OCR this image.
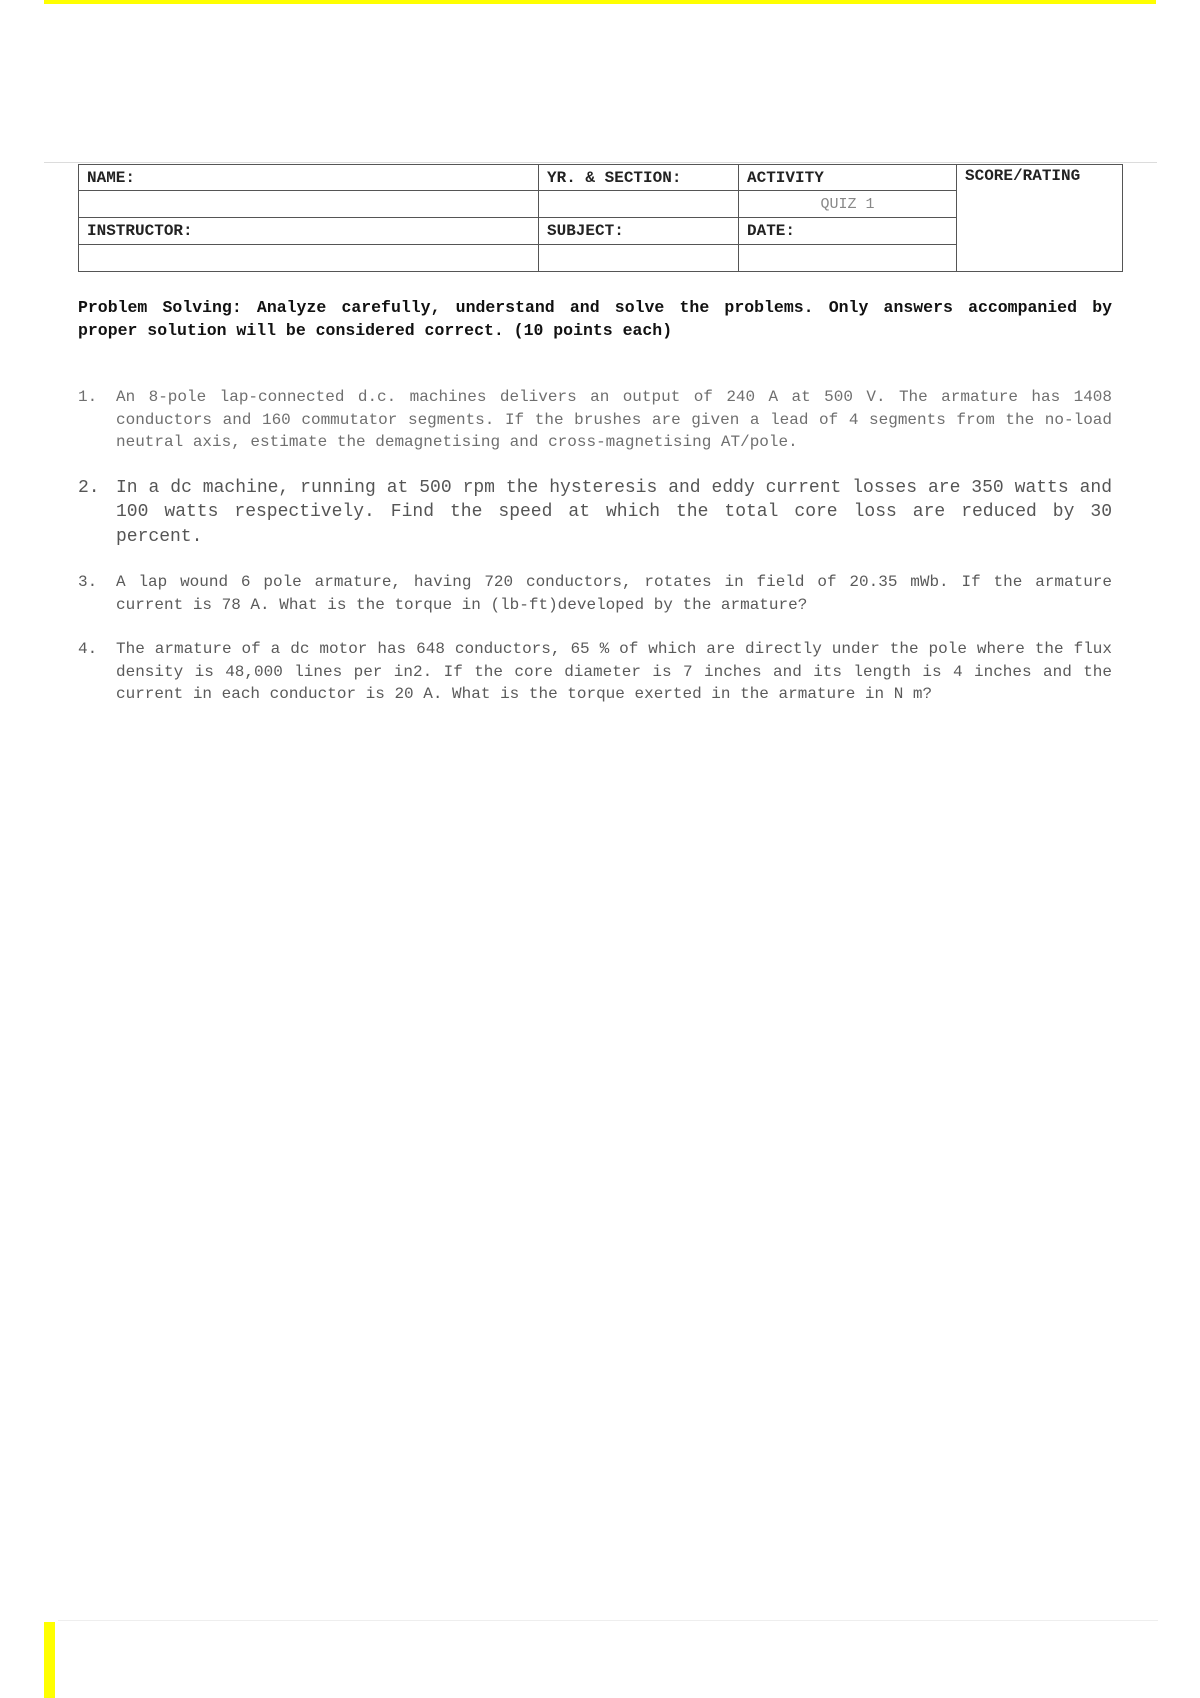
NAME:	YR. & SECTION:	ACTIVITY	SCORE/RATING
		QUIZ 1	
INSTRUCTOR:	SUBJECT:	DATE:	

Problem Solving: Analyze carefully, understand and solve the problems. Only answers accompanied by proper solution will be considered correct. (10 points each)
1. An 8-pole lap-connected d.c. machines delivers an output of 240 A at 500 V. The armature has 1408 conductors and 160 commutator segments. If the brushes are given a lead of 4 segments from the no-load neutral axis, estimate the demagnetising and cross-magnetising AT/pole.
2. In a dc machine, running at 500 rpm the hysteresis and eddy current losses are 350 watts and 100 watts respectively. Find the speed at which the total core loss are reduced by 30 percent.
3. A lap wound 6 pole armature, having 720 conductors, rotates in field of 20.35 mWb. If the armature current is 78 A. What is the torque in (lb-ft)developed by the armature?
4. The armature of a dc motor has 648 conductors, 65 % of which are directly under the pole where the flux density is 48,000 lines per in2. If the core diameter is 7 inches and its length is 4 inches and the current in each conductor is 20 A. What is the torque exerted in the armature in N m?
